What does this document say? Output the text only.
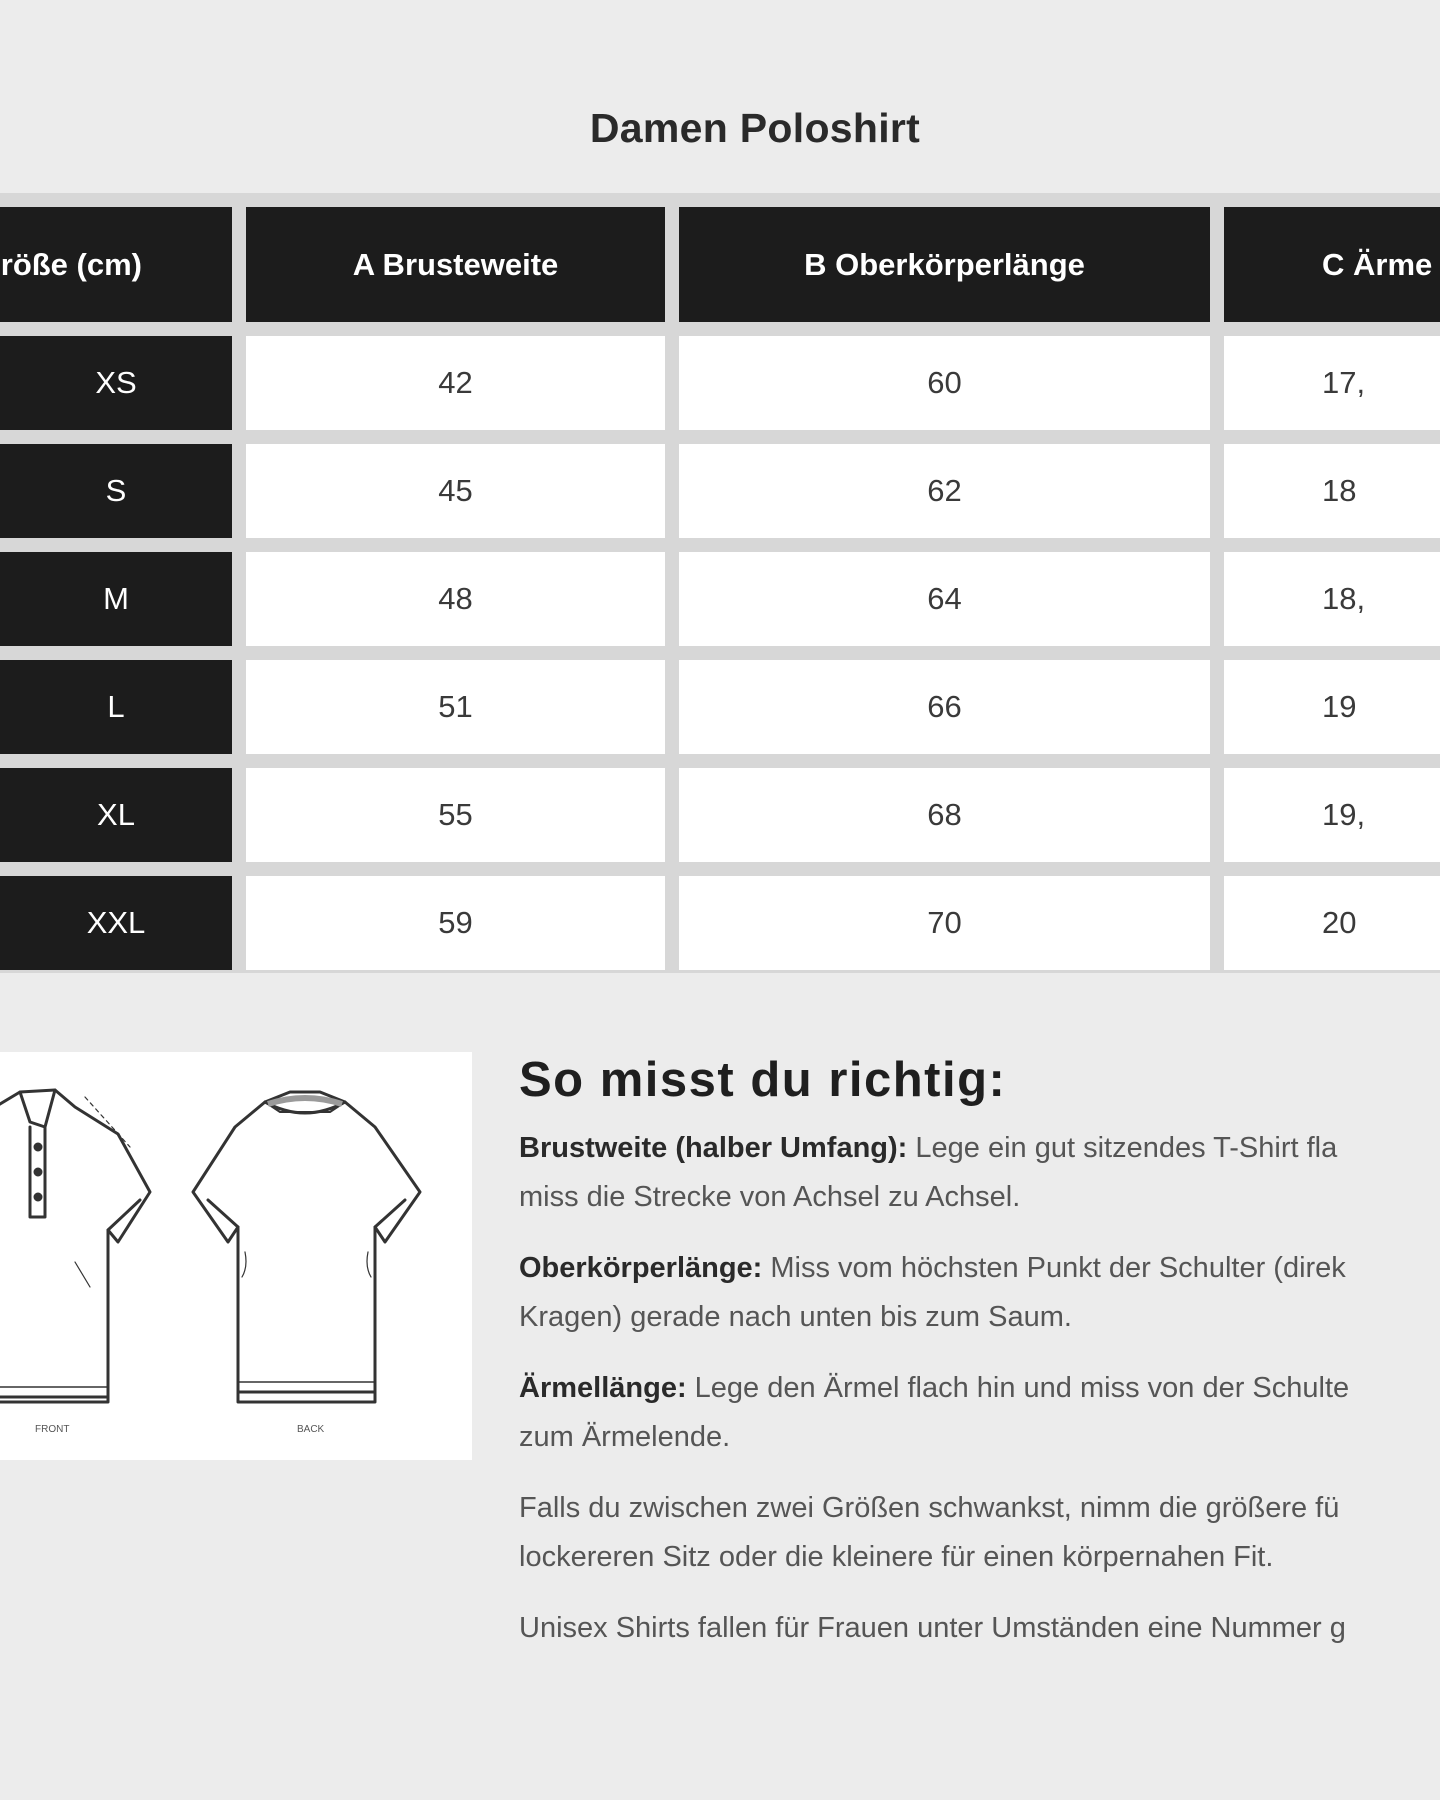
Damen Poloshirt
röße (cm)	A Brusteweite	B Oberkörperlänge	C Ärme
XS	42	60	17,
S	45	62	18
M	48	64	18,
L	51	66	19
XL	55	68	19,
XXL	59	70	20
FRONT	BACK
So misst du richtig:

Brustweite (halber Umfang): Lege ein gut sitzendes T-Shirt fla
miss die Strecke von Achsel zu Achsel.

Oberkörperlänge: Miss vom höchsten Punkt der Schulter (direk
Kragen) gerade nach unten bis zum Saum.

Ärmellänge: Lege den Ärmel flach hin und miss von der Schulte
zum Ärmelende.

Falls du zwischen zwei Größen schwankst, nimm die größere fü
lockereren Sitz oder die kleinere für einen körpernahen Fit.

Unisex Shirts fallen für Frauen unter Umständen eine Nummer g
